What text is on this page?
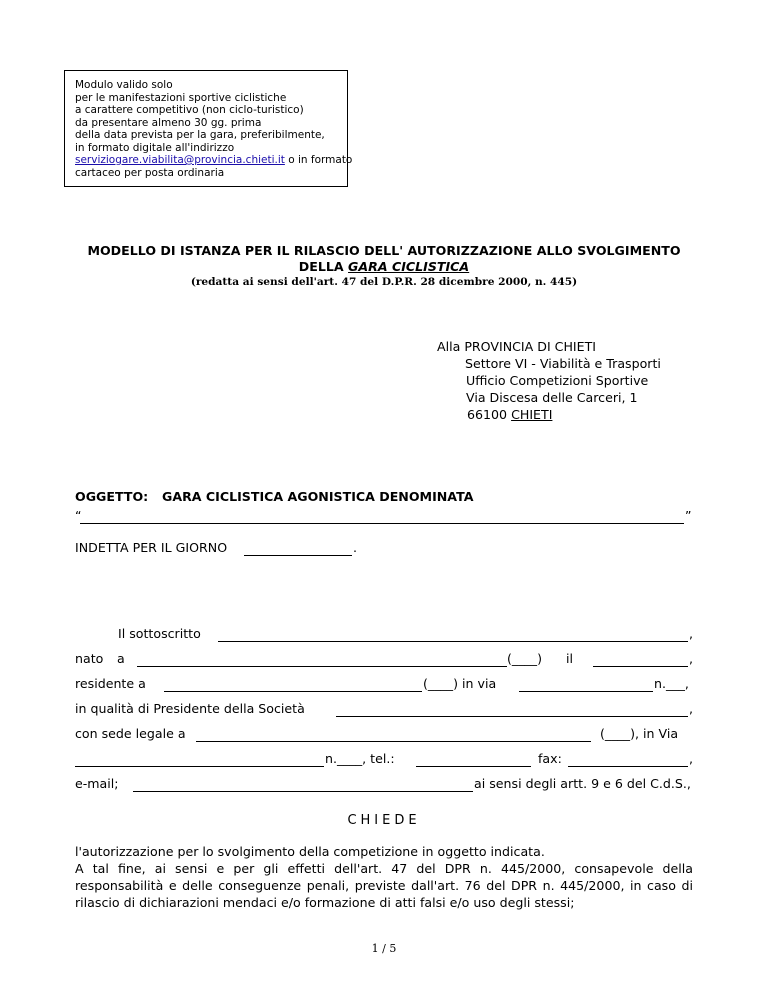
Modulo valido solo
per le manifestazioni sportive ciclistiche
a carattere competitivo (non ciclo-turistico)
da presentare almeno 30 gg. prima
della data prevista per la gara, preferibilmente,
in formato digitale all'indirizzo
serviziogare.viabilita@provincia.chieti.it o in formato
cartaceo per posta ordinaria
MODELLO DI ISTANZA PER IL RILASCIO DELL' AUTORIZZAZIONE ALLO SVOLGIMENTO
DELLA GARA CICLISTICA
(redatta ai sensi dell'art. 47 del D.P.R. 28 dicembre 2000, n. 445)
Alla PROVINCIA DI CHIETI
Settore VI - Viabilità e Trasporti
Ufficio Competizioni Sportive
Via Discesa delle Carceri, 1
66100 CHIETI
OGGETTO: GARA CICLISTICA AGONISTICA DENOMINATA
“	”
INDETTA PER IL GIORNO	.
Il sottoscritto	,
nato a	(____) il	,
residente a	(____) in via	n.___,
in qualità di Presidente della Società	,
con sede legale a	(____), in Via
n.____, tel.:	fax:	,
e-mail;	ai sensi degli artt. 9 e 6 del C.d.S.,
CHIEDE
l'autorizzazione per lo svolgimento della competizione in oggetto indicata.
A tal fine, ai sensi e per gli effetti dell'art. 47 del DPR n. 445/2000, consapevole della responsabilità e delle conseguenze penali, previste dall'art. 76 del DPR n. 445/2000, in caso di rilascio di dichiarazioni mendaci e/o formazione di atti falsi e/o uso degli stessi;
1 / 5
